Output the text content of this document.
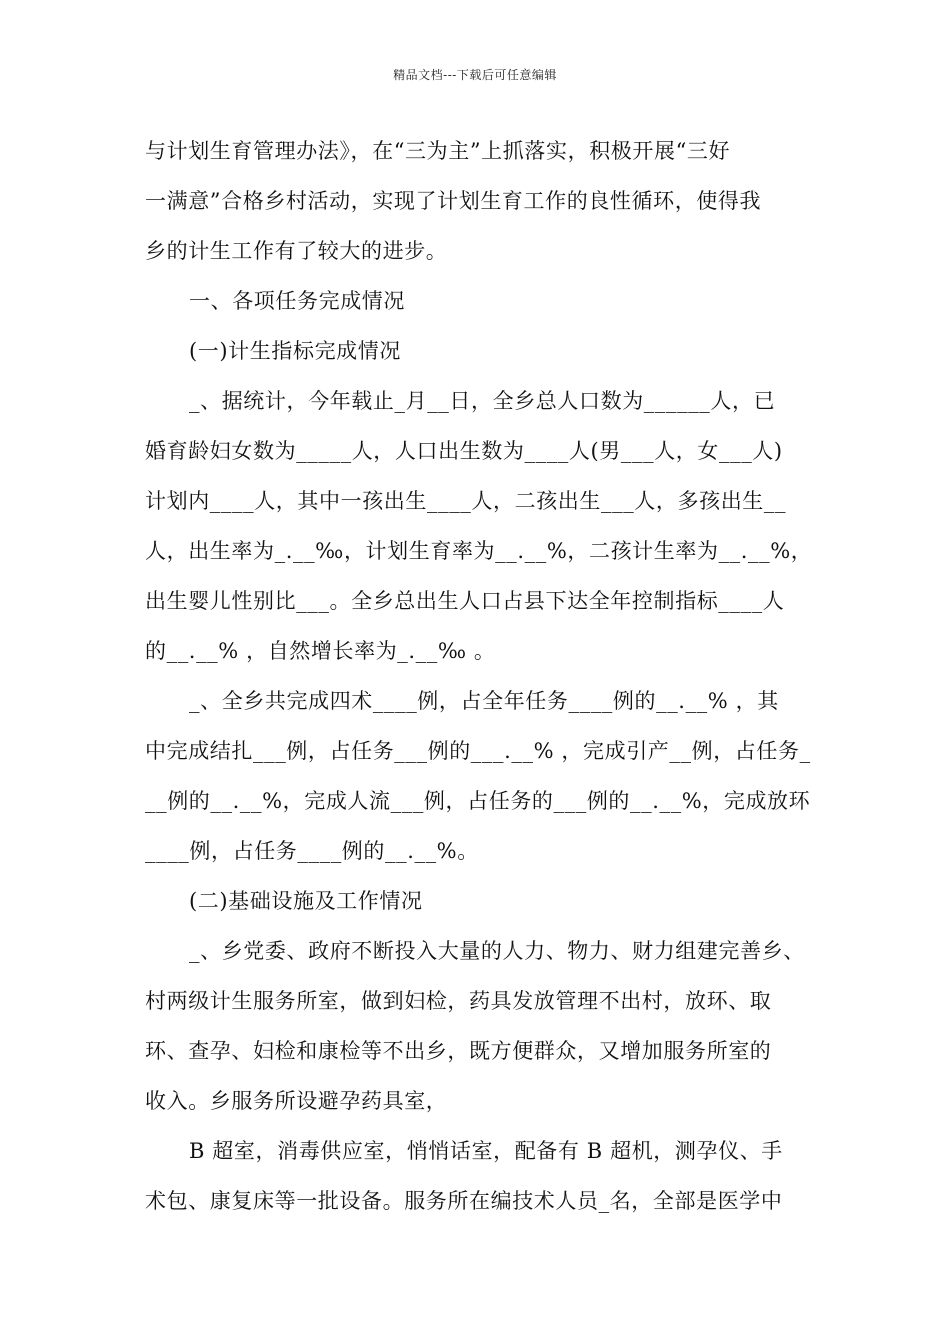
精品文档---下载后可任意编辑
与计划生育管理办法》，在“三为主”上抓落实，积极开展“三好
一满意”合格乡村活动，实现了计划生育工作的良性循环，使得我
乡的计生工作有了较大的进步。
一、各项任务完成情况
(一)计生指标完成情况
_、据统计，今年载止_月__日，全乡总人口数为______人，已
婚育龄妇女数为_____人，人口出生数为____人(男___人，女___人)
计划内____人，其中一孩出生____人，二孩出生___人，多孩出生__
人，出生率为_.__‰，计划生育率为__.__%，二孩计生率为__.__%，
出生婴儿性别比___。全乡总出生人口占县下达全年控制指标____人
的__.__% ，自然增长率为_.__‰ 。
_、全乡共完成四术____例，占全年任务____例的__.__% ，其
中完成结扎___例，占任务___例的___.__% ，完成引产__例，占任务_
__例的__.__%，完成人流___例，占任务的___例的__.__%，完成放环
____例，占任务____例的__.__%。
(二)基础设施及工作情况
_、乡党委、政府不断投入大量的人力、物力、财力组建完善乡、
村两级计生服务所室，做到妇检，药具发放管理不出村，放环、取
环、查孕、妇检和康检等不出乡，既方便群众，又增加服务所室的
收入。乡服务所设避孕药具室，
B 超室，消毒供应室，悄悄话室，配备有 B 超机，测孕仪、手
术包、康复床等一批设备。服务所在编技术人员_名，全部是医学中
